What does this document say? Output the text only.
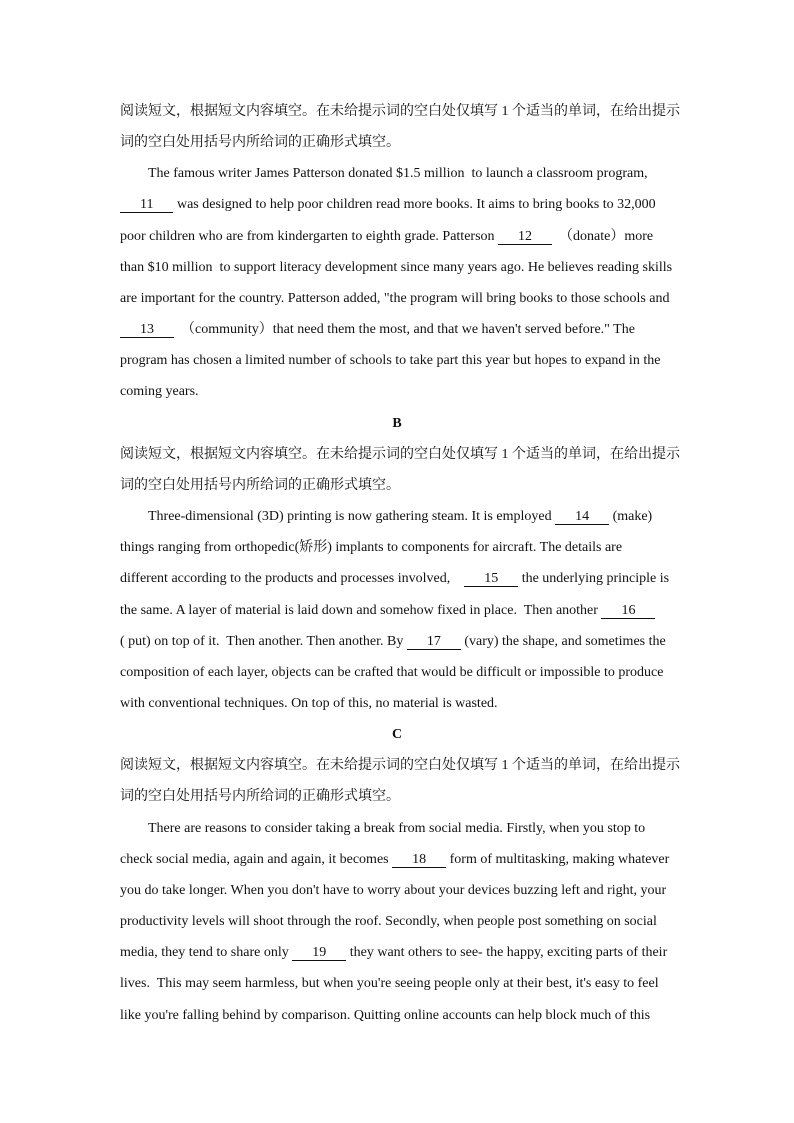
阅读短文，根据短文内容填空。在未给提示词的空白处仅填写 1 个适当的单词，在给出提示
词的空白处用括号内所给词的正确形式填空。
The famous writer James Patterson donated $1.5 million  to launch a classroom program,
11 was designed to help poor children read more books. It aims to bring books to 32,000
poor children who are from kindergarten to eighth grade. Patterson 12  （donate）more
than $10 million  to support literacy development since many years ago. He believes reading skills
are important for the country. Patterson added, "the program will bring books to those schools and
13  （community）that need them the most, and that we haven't served before." The
program has chosen a limited number of schools to take part this year but hopes to expand in the
coming years.
B
阅读短文，根据短文内容填空。在未给提示词的空白处仅填写 1 个适当的单词，在给出提示
词的空白处用括号内所给词的正确形式填空。
Three-dimensional (3D) printing is now gathering steam. It is employed 14 (make)
things ranging from orthopedic(矫形) implants to components for aircraft. The details are
different according to the products and processes involved,    15 the underlying principle is
the same. A layer of material is laid down and somehow fixed in place.  Then another 16
( put) on top of it.  Then another. Then another. By 17 (vary) the shape, and sometimes the
composition of each layer, objects can be crafted that would be difficult or impossible to produce
with conventional techniques. On top of this, no material is wasted.
C
阅读短文，根据短文内容填空。在未给提示词的空白处仅填写 1 个适当的单词，在给出提示
词的空白处用括号内所给词的正确形式填空。
There are reasons to consider taking a break from social media. Firstly, when you stop to
check social media, again and again, it becomes 18 form of multitasking, making whatever
you do take longer. When you don't have to worry about your devices buzzing left and right, your
productivity levels will shoot through the roof. Secondly, when people post something on social
media, they tend to share only 19 they want others to see- the happy, exciting parts of their
lives.  This may seem harmless, but when you're seeing people only at their best, it's easy to feel
like you're falling behind by comparison. Quitting online accounts can help block much of this
